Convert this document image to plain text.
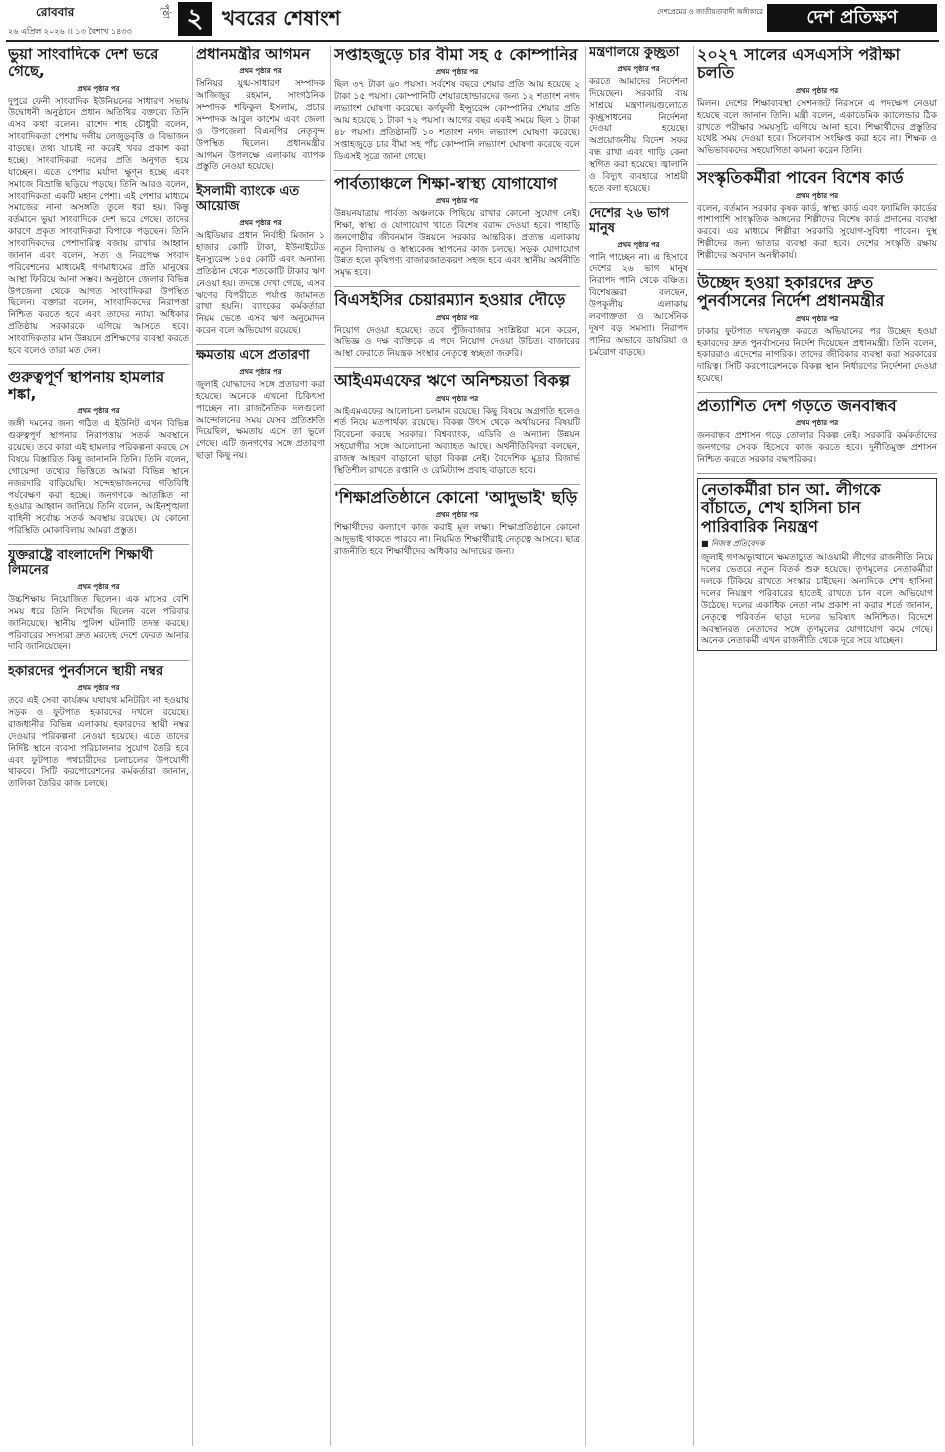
রোববার
২৬ এপ্রিল ২০২৬ ।। ১৩ বৈশাখ ১৪৩৩
পৃষ্ঠা ২ খবরের শেষাংশ	দেশপ্রেমের ও জাতীয়তাবাদী অঙ্গীকারে	দেশ প্রতিক্ষণ
ভুয়া সাংবাদিকে দেশ ভরে গেছে,
প্রথম পৃষ্ঠার পর

দুপুরে ফেনী সাংবাদিক ইউনিয়নের সাধারণ সভায় উদ্বোধনী অনুষ্ঠানে প্রধান অতিথির বক্তব্যে তিনি এসব কথা বলেন। রাশেদ শাহ চৌধুরী বলেন, সাংবাদিকতা পেশায় দলীয় লেজুড়বৃত্তি ও বিভাজন বাড়ছে। তথ্য যাচাই না করেই খবর প্রকাশ করা হচ্ছে। সাংবাদিকরা দলের প্রতি অনুগত হয়ে যাচ্ছেন। এতে পেশার মর্যাদা ক্ষুণ্ন হচ্ছে এবং সমাজে বিভ্রান্তি ছড়িয়ে পড়ছে। তিনি আরও বলেন, সাংবাদিকতা একটি মহান পেশা। এই পেশার মাধ্যমে সমাজের নানা অসঙ্গতি তুলে ধরা হয়। কিন্তু বর্তমানে ভুয়া সাংবাদিকে দেশ ভরে গেছে। তাদের কারণে প্রকৃত সাংবাদিকরা বিপাকে পড়ছেন। তিনি সাংবাদিকদের পেশাদারিত্ব বজায় রাখার আহ্বান জানান এবং বলেন, সত্য ও নিরপেক্ষ সংবাদ পরিবেশনের মাধ্যমেই গণমাধ্যমের প্রতি মানুষের আস্থা ফিরিয়ে আনা সম্ভব। অনুষ্ঠানে জেলার বিভিন্ন উপজেলা থেকে আগত সাংবাদিকরা উপস্থিত ছিলেন। বক্তারা বলেন, সাংবাদিকদের নিরাপত্তা নিশ্চিত করতে হবে এবং তাদের ন্যায্য অধিকার প্রতিষ্ঠায় সরকারকে এগিয়ে আসতে হবে। সাংবাদিকতার মান উন্নয়নে প্রশিক্ষণের ব্যবস্থা করতে হবে বলেও তারা মত দেন।

গুরুত্বপূর্ণ স্থাপনায় হামলার শঙ্কা,
প্রথম পৃষ্ঠার পর

জঙ্গী দমনের জন্য গঠিত এ ইউনিট এখন বিভিন্ন গুরুত্বপূর্ণ স্থাপনার নিরাপত্তায় সতর্ক অবস্থানে রয়েছে। তবে কারা এই হামলার পরিকল্পনা করছে সে বিষয়ে বিস্তারিত কিছু জানাননি তিনি। তিনি বলেন, গোয়েন্দা তথ্যের ভিত্তিতে আমরা বিভিন্ন স্থানে নজরদারি বাড়িয়েছি। সন্দেহভাজনদের গতিবিধি পর্যবেক্ষণ করা হচ্ছে। জনগণকে আতঙ্কিত না হওয়ার আহ্বান জানিয়ে তিনি বলেন, আইনশৃঙ্খলা বাহিনী সর্বোচ্চ সতর্ক অবস্থায় রয়েছে। যে কোনো পরিস্থিতি মোকাবিলায় আমরা প্রস্তুত।

যুক্তরাষ্ট্রে বাংলাদেশি শিক্ষার্থী লিমনের
প্রথম পৃষ্ঠার পর

উচ্চশিক্ষায় নিয়োজিত ছিলেন। এক মাসের বেশি সময় ধরে তিনি নিখোঁজ ছিলেন বলে পরিবার জানিয়েছে। স্থানীয় পুলিশ ঘটনাটি তদন্ত করছে। পরিবারের সদস্যরা দ্রুত মরদেহ দেশে ফেরত আনার দাবি জানিয়েছেন।

হকারদের পুনর্বাসনে স্থায়ী নম্বর
প্রথম পৃষ্ঠার পর

তবে এই সেবা কার্যক্রম যথাযথ মনিটরিং না হওয়ায় সড়ক ও ফুটপাত হকারদের দখলে রয়েছে। রাজধানীর বিভিন্ন এলাকায় হকারদের স্থায়ী নম্বর দেওয়ার পরিকল্পনা নেওয়া হয়েছে। এতে তাদের নির্দিষ্ট স্থানে ব্যবসা পরিচালনার সুযোগ তৈরি হবে এবং ফুটপাত পথচারীদের চলাচলের উপযোগী থাকবে। সিটি করপোরেশনের কর্মকর্তারা জানান, তালিকা তৈরির কাজ চলছে।

প্রধানমন্ত্রীর আগমন
প্রথম পৃষ্ঠার পর

সিনিয়র যুগ্ম-সাধারণ সম্পাদক আজিজুর রহমান, সাংগঠনিক সম্পাদক শফিকুল ইসলাম, প্রচার সম্পাদক আবুল কাশেম এবং জেলা ও উপজেলা বিএনপির নেতৃবৃন্দ উপস্থিত ছিলেন। প্রধানমন্ত্রীর আগমন উপলক্ষে এলাকায় ব্যাপক প্রস্তুতি নেওয়া হয়েছে।

ইসলামী ব্যাংকে এত আয়োজ
প্রথম পৃষ্ঠার পর

আইডিয়ার প্রধান নির্বাহী মিজান ১ হাজার কোটি টাকা, ইউনাইটেড ইনস্যুরেন্স ১৪৫ কোটি এবং অন্যান্য প্রতিষ্ঠান থেকে শতকোটি টাকার ঋণ নেওয়া হয়। তদন্তে দেখা গেছে, এসব ঋণের বিপরীতে পর্যাপ্ত জামানত রাখা হয়নি। ব্যাংকের কর্মকর্তারা নিয়ম ভেঙে এসব ঋণ অনুমোদন করেন বলে অভিযোগ রয়েছে।

ক্ষমতায় এসে প্রতারণা
প্রথম পৃষ্ঠার পর

জুলাই যোদ্ধাদের সঙ্গে প্রতারণা করা হয়েছে। অনেকে এখনো চিকিৎসা পাচ্ছেন না। রাজনৈতিক দলগুলো আন্দোলনের সময় যেসব প্রতিশ্রুতি দিয়েছিল, ক্ষমতায় এসে তা ভুলে গেছে। এটি জনগণের সঙ্গে প্রতারণা ছাড়া কিছু নয়।

সপ্তাহজুড়ে চার বীমা সহ ৫ কোম্পানির
প্রথম পৃষ্ঠার পর

ছিল ৩৭ টাকা ৬০ পয়সা। সর্বশেষ বছরে শেয়ার প্রতি আয় হয়েছে ২ টাকা ১৫ পয়সা। কোম্পানিটি শেয়ারহোল্ডারদের জন্য ১২ শতাংশ নগদ লভ্যাংশ ঘোষণা করেছে। কর্ণফুলী ইন্স্যুরেন্স কোম্পানির শেয়ার প্রতি আয় হয়েছে ১ টাকা ৭২ পয়সা। আগের বছর একই সময়ে ছিল ১ টাকা ৪৮ পয়সা। প্রতিষ্ঠানটি ১০ শতাংশ নগদ লভ্যাংশ ঘোষণা করেছে। সপ্তাহজুড়ে চার বীমা সহ পাঁচ কোম্পানি লভ্যাংশ ঘোষণা করেছে বলে ডিএসই সূত্রে জানা গেছে।

পার্বত্যাঞ্চলে শিক্ষা-স্বাস্থ্য যোগাযোগ
প্রথম পৃষ্ঠার পর

উন্নয়নযাত্রায় পার্বত্য অঞ্চলকে পিছিয়ে রাখার কোনো সুযোগ নেই। শিক্ষা, স্বাস্থ্য ও যোগাযোগ খাতে বিশেষ বরাদ্দ দেওয়া হবে। পাহাড়ি জনগোষ্ঠীর জীবনমান উন্নয়নে সরকার আন্তরিক। প্রত্যন্ত এলাকায় নতুন বিদ্যালয় ও স্বাস্থ্যকেন্দ্র স্থাপনের কাজ চলছে। সড়ক যোগাযোগ উন্নত হলে কৃষিপণ্য বাজারজাতকরণ সহজ হবে এবং স্থানীয় অর্থনীতি সমৃদ্ধ হবে।

বিএসইসির চেয়ারম্যান হওয়ার দৌড়ে
প্রথম পৃষ্ঠার পর

নিয়োগ দেওয়া হয়েছে। তবে পুঁজিবাজার সংশ্লিষ্টরা মনে করেন, অভিজ্ঞ ও দক্ষ ব্যক্তিকে এ পদে নিয়োগ দেওয়া উচিত। বাজারের আস্থা ফেরাতে নিয়ন্ত্রক সংস্থার নেতৃত্বে স্বচ্ছতা জরুরি।

আইএমএফের ঋণে অনিশ্চয়তা বিকল্প
প্রথম পৃষ্ঠার পর

আইএমএফের আলোচনা চলমান রয়েছে। কিছু বিষয়ে অগ্রগতি হলেও শর্ত নিয়ে মতপার্থক্য রয়েছে। বিকল্প উৎস থেকে অর্থায়নের বিষয়টি বিবেচনা করছে সরকার। বিশ্বব্যাংক, এডিবি ও অন্যান্য উন্নয়ন সহযোগীর সঙ্গে আলোচনা অব্যাহত আছে। অর্থনীতিবিদরা বলছেন, রাজস্ব আহরণ বাড়ানো ছাড়া বিকল্প নেই। বৈদেশিক মুদ্রার রিজার্ভ স্থিতিশীল রাখতে রপ্তানি ও রেমিট্যান্স প্রবাহ বাড়াতে হবে।

'শিক্ষাপ্রতিষ্ঠানে কোনো 'আদুভাই' ছড়ি
প্রথম পৃষ্ঠার পর

শিক্ষার্থীদের কল্যাণে কাজ করাই মূল লক্ষ্য। শিক্ষাপ্রতিষ্ঠানে কোনো আদুভাই থাকতে পারবে না। নিয়মিত শিক্ষার্থীরাই নেতৃত্বে আসবে। ছাত্র রাজনীতি হবে শিক্ষার্থীদের অধিকার আদায়ের জন্য।

মন্ত্রণালয়ে কুচ্ছ্রতা
প্রথম পৃষ্ঠার পর

করতে আমাদের নির্দেশনা দিয়েছেন। সরকারি ব্যয় সাশ্রয়ে মন্ত্রণালয়গুলোতে কৃচ্ছ্রসাধনের নির্দেশনা দেওয়া হয়েছে। অপ্রয়োজনীয় বিদেশ সফর বন্ধ রাখা এবং গাড়ি কেনা স্থগিত করা হয়েছে। জ্বালানি ও বিদ্যুৎ ব্যবহারে সাশ্রয়ী হতে বলা হয়েছে।

দেশের ২৬ ভাগ মানুষ
প্রথম পৃষ্ঠার পর

পানি পাচ্ছেন না। এ হিসাবে দেশের ২৬ ভাগ মানুষ নিরাপদ পানি থেকে বঞ্চিত। বিশেষজ্ঞরা বলছেন, উপকূলীয় এলাকায় লবণাক্ততা ও আর্সেনিক দূষণ বড় সমস্যা। নিরাপদ পানির অভাবে ডায়রিয়া ও চর্মরোগ বাড়ছে।

২০২৭ সালের এসএসসি পরীক্ষা চলতি
প্রথম পৃষ্ঠার পর

মিলন। দেশের শিক্ষাব্যবস্থা সেশনজট নিরসনে এ পদক্ষেপ নেওয়া হয়েছে বলে জানান তিনি। মন্ত্রী বলেন, একাডেমিক ক্যালেন্ডার ঠিক রাখতে পরীক্ষার সময়সূচি এগিয়ে আনা হবে। শিক্ষার্থীদের প্রস্তুতির যথেষ্ট সময় দেওয়া হবে। সিলেবাস সংক্ষিপ্ত করা হবে না। শিক্ষক ও অভিভাবকদের সহযোগিতা কামনা করেন তিনি।

সংস্কৃতিকর্মীরা পাবেন বিশেষ কার্ড
প্রথম পৃষ্ঠার পর

বলেন, বর্তমান সরকার কৃষক কার্ড, স্বাস্থ্য কার্ড এবং ফ্যামিলি কার্ডের পাশাপাশি সাংস্কৃতিক অঙ্গনের শিল্পীদের বিশেষ কার্ড প্রদানের ব্যবস্থা করবে। এর মাধ্যমে শিল্পীরা সরকারি সুযোগ-সুবিধা পাবেন। দুস্থ শিল্পীদের জন্য ভাতার ব্যবস্থা করা হবে। দেশের সংস্কৃতি রক্ষায় শিল্পীদের অবদান অনস্বীকার্য।

উচ্ছেদ হওয়া হকারদের দ্রুত পুনর্বাসনের নির্দেশ প্রধানমন্ত্রীর
প্রথম পৃষ্ঠার পর

ঢাকার ফুটপাত দখলমুক্ত করতে অভিযানের পর উচ্ছেদ হওয়া হকারদের দ্রুত পুনর্বাসনের নির্দেশ দিয়েছেন প্রধানমন্ত্রী। তিনি বলেন, হকাররাও এদেশের নাগরিক। তাদের জীবিকার ব্যবস্থা করা সরকারের দায়িত্ব। সিটি করপোরেশনকে বিকল্প স্থান নির্ধারণের নির্দেশনা দেওয়া হয়েছে।

প্রত্যাশিত দেশ গড়তে জনবান্ধব
প্রথম পৃষ্ঠার পর

জনবান্ধব প্রশাসন গড়ে তোলার বিকল্প নেই। সরকারি কর্মকর্তাদের জনগণের সেবক হিসেবে কাজ করতে হবে। দুর্নীতিমুক্ত প্রশাসন নিশ্চিত করতে সরকার বদ্ধপরিকর।

নেতাকর্মীরা চান আ. লীগকে বাঁচাতে, শেখ হাসিনা চান পারিবারিক নিয়ন্ত্রণ
■ নিজস্ব প্রতিবেদক

জুলাই গণঅভ্যুত্থানে ক্ষমতাচ্যুত আওয়ামী লীগের রাজনীতি নিয়ে দলের ভেতরে নতুন বিতর্ক শুরু হয়েছে। তৃণমূলের নেতাকর্মীরা দলকে টিকিয়ে রাখতে সংস্কার চাইছেন। অন্যদিকে শেখ হাসিনা দলের নিয়ন্ত্রণ পরিবারের হাতেই রাখতে চান বলে অভিযোগ উঠেছে। দলের একাধিক নেতা নাম প্রকাশ না করার শর্তে জানান, নেতৃত্বে পরিবর্তন ছাড়া দলের ভবিষ্যৎ অনিশ্চিত। বিদেশে অবস্থানরত নেতাদের সঙ্গে তৃণমূলের যোগাযোগ কমে গেছে। অনেক নেতাকর্মী এখন রাজনীতি থেকে দূরে সরে যাচ্ছেন।
